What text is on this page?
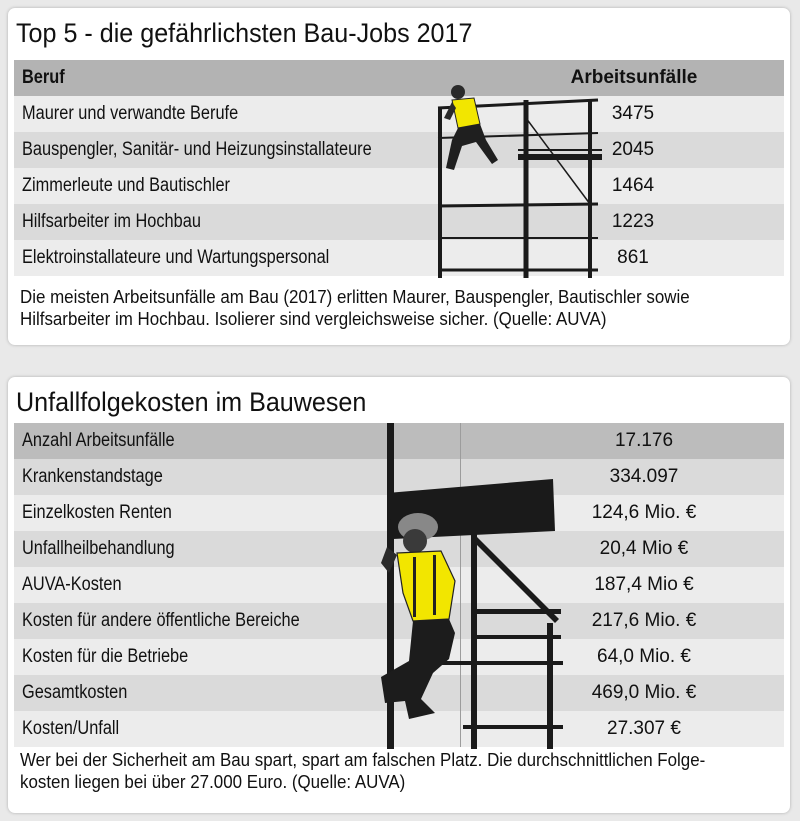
Top 5 - die gefährlichsten Bau-Jobs 2017
Beruf	Arbeitsunfälle
Maurer und verwandte Berufe	3475
Bauspengler, Sanitär- und Heizungsinstallateure	2045
Zimmerleute und Bautischler	1464
Hilfsarbeiter im Hochbau	1223
Elektroinstallateure und Wartungspersonal	861
Die meisten Arbeitsunfälle am Bau (2017) erlitten Maurer, Bauspengler, Bautischler sowie
Hilfsarbeiter im Hochbau. Isolierer sind vergleichsweise sicher. (Quelle: AUVA)
Unfallfolgekosten im Bauwesen
Anzahl Arbeitsunfälle	17.176
Krankenstandstage	334.097
Einzelkosten Renten	124,6 Mio. €
Unfallheilbehandlung	20,4 Mio €
AUVA-Kosten	187,4 Mio €
Kosten für andere öffentliche Bereiche	217,6 Mio. €
Kosten für die Betriebe	64,0 Mio. €
Gesamtkosten	469,0 Mio. €
Kosten/Unfall	27.307 €
Wer bei der Sicherheit am Bau spart, spart am falschen Platz. Die durchschnittlichen Folge-
kosten liegen bei über 27.000 Euro. (Quelle: AUVA)
